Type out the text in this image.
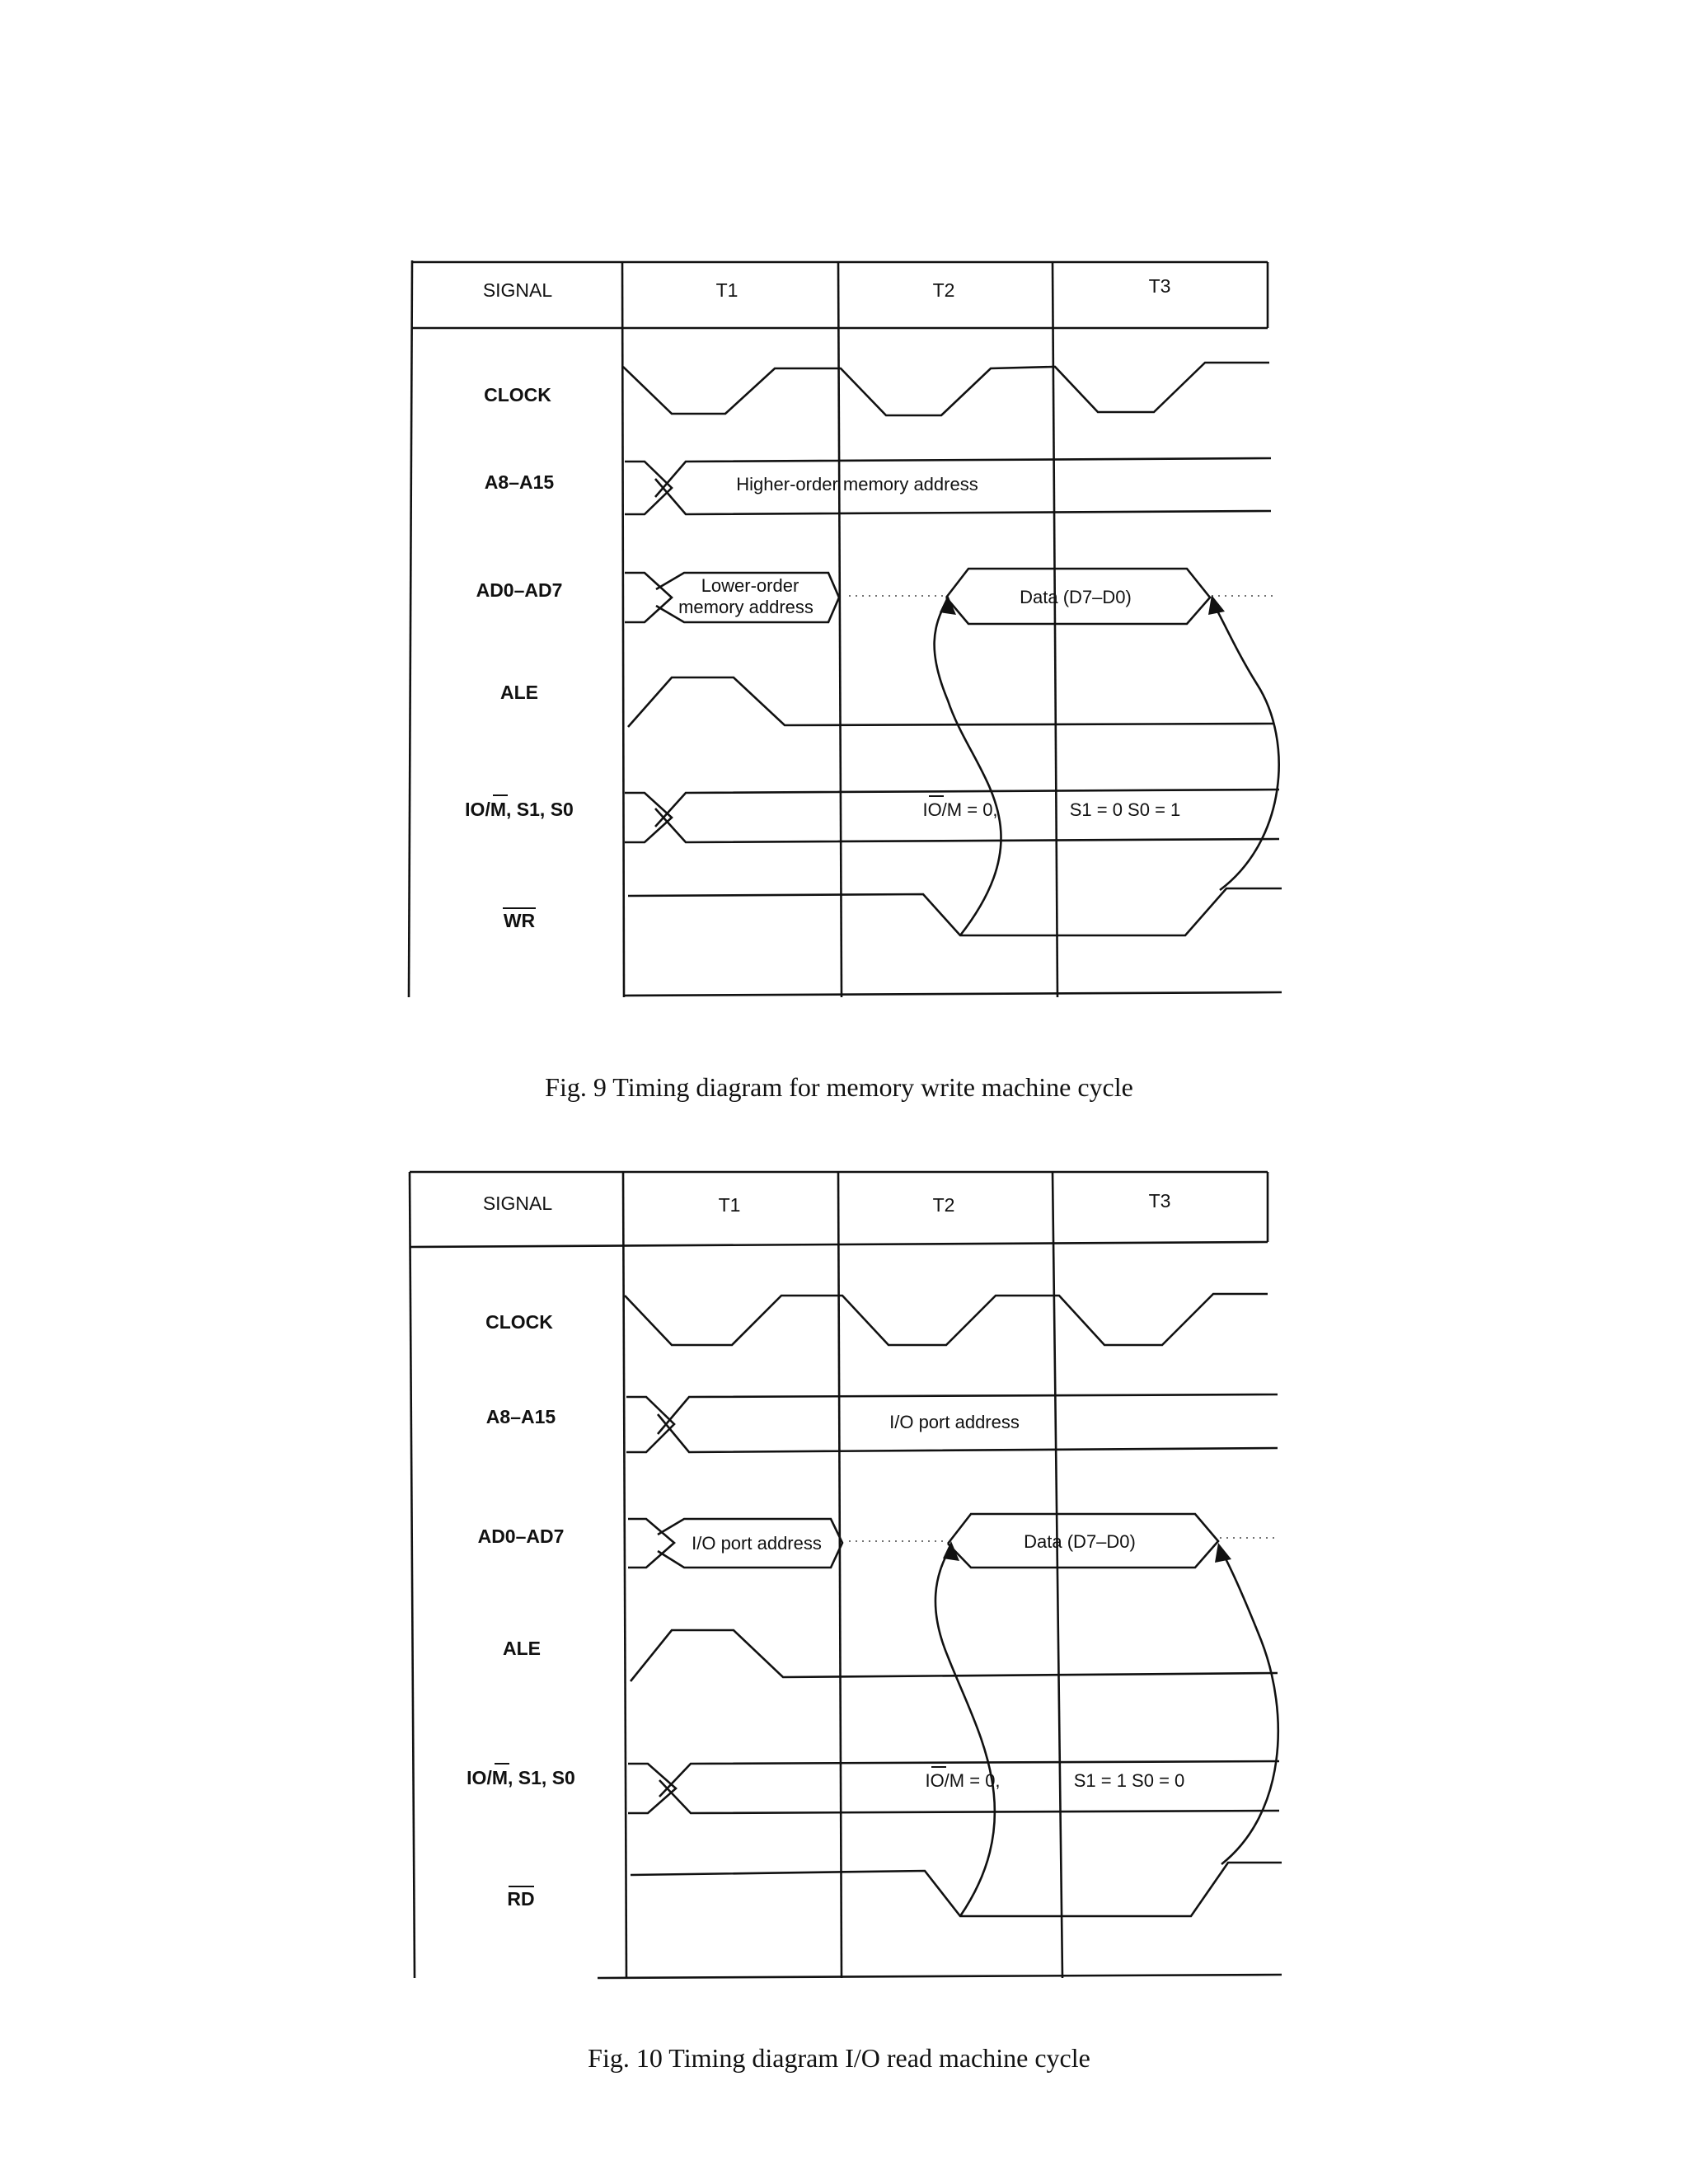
SIGNAL	T1	T2	T3
CLOCK
A8–A15
AD0–AD7
ALE
IO/M, S1, S0
WR
Higher-order memory address
Lower-order
memory address	Data (D7–D0)
IO/M = 0,	S1 = 0 S0 = 1
Fig. 9 Timing diagram for memory write machine cycle
SIGNAL	T1	T2	T3
CLOCK
A8–A15
AD0–AD7
ALE
IO/M, S1, S0
RD
I/O port address
I/O port address	Data (D7–D0)
IO/M = 0,	S1 = 1 S0 = 0
Fig. 10 Timing diagram I/O read machine cycle
